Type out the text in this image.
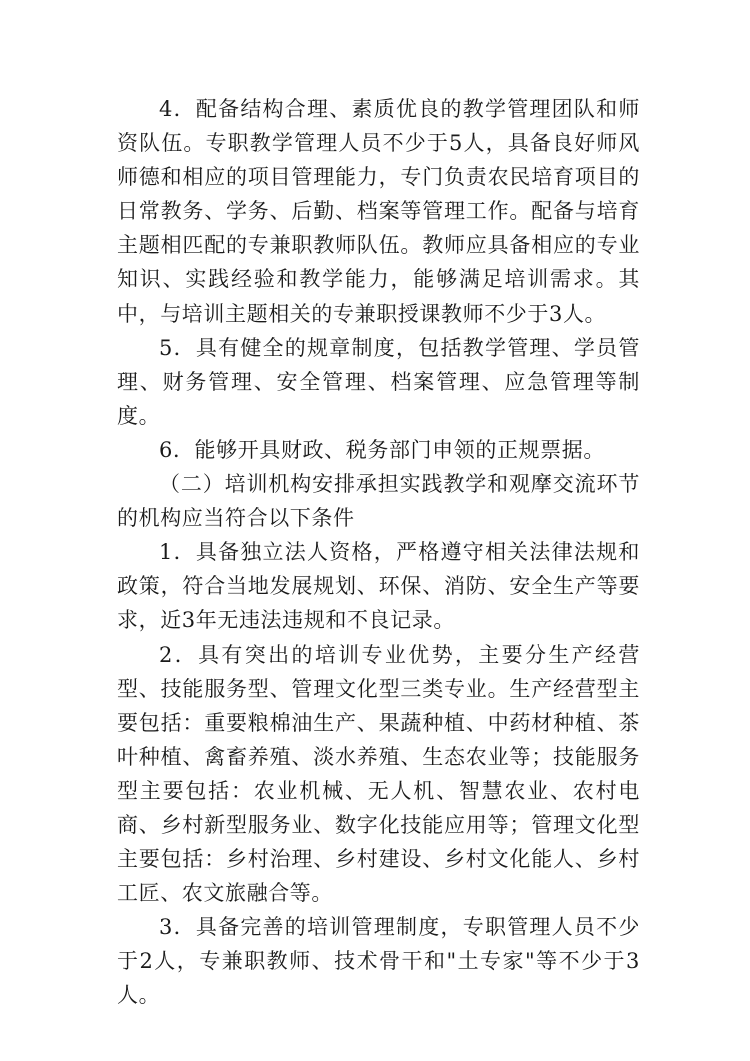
4．配备结构合理、素质优良的教学管理团队和师资队伍。专职教学管理人员不少于5人，具备良好师风师德和相应的项目管理能力，专门负责农民培育项目的日常教务、学务、后勤、档案等管理工作。配备与培育主题相匹配的专兼职教师队伍。教师应具备相应的专业知识、实践经验和教学能力，能够满足培训需求。其中，与培训主题相关的专兼职授课教师不少于3人。

5．具有健全的规章制度，包括教学管理、学员管理、财务管理、安全管理、档案管理、应急管理等制度。

6．能够开具财政、税务部门申领的正规票据。

（二）培训机构安排承担实践教学和观摩交流环节的机构应当符合以下条件

1．具备独立法人资格，严格遵守相关法律法规和政策，符合当地发展规划、环保、消防、安全生产等要求，近3年无违法违规和不良记录。

2．具有突出的培训专业优势，主要分生产经营型、技能服务型、管理文化型三类专业。生产经营型主要包括：重要粮棉油生产、果蔬种植、中药材种植、茶叶种植、禽畜养殖、淡水养殖、生态农业等；技能服务型主要包括：农业机械、无人机、智慧农业、农村电商、乡村新型服务业、数字化技能应用等；管理文化型主要包括：乡村治理、乡村建设、乡村文化能人、乡村工匠、农文旅融合等。

3．具备完善的培训管理制度，专职管理人员不少于2人，专兼职教师、技术骨干和"土专家"等不少于3人。
